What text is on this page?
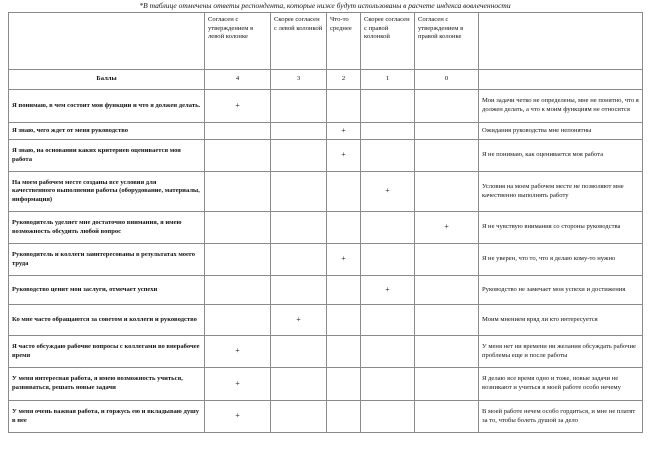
*В таблице отмечены ответы респондента, которые ниже будут использованы в расчете индекса вовлеченности
	Согласен с утверждением в левой колонке	Скорее согласен с левой колонкой	Что-то среднее	Скорее согласен с правой колонкой	Согласен с утверждением в правой колонке	
Баллы	4	3	2	1	0	
Я понимаю, в чем состоит мои функции и что я должен делать.	+					Мои задачи четко не определены, мне не понятно, что я должен делать, а что к моим функциям не относится
Я знаю, чего ждет от меня руководство			+			Ожидания руководства мне непонятны
Я знаю, на основании каких критериев оценивается моя работа			+			Я не понимаю, как оценивается моя работа
На моем рабочем месте созданы все условия для качественного выполнения работы (оборудование, материалы, информация)				+		Условия на моем рабочем месте не позволяют мне качественно выполнять работу
Руководитель уделяет мне достаточно внимания, я имею возможность обсудить любой вопрос					+	Я не чувствую внимания со стороны руководства
Руководитель и коллеги заинтересованы в результатах моего труда			+			Я не уверен, что то, что я делаю кому-то нужно
Руководство ценит мои заслуги, отмечает успехи				+		Руководство не замечает мои успехи и достижения
Ко мне часто обращаются за советом и коллеги и руководство		+				Моим мнением вряд ли кто интересуется
Я часто обсуждаю рабочие вопросы с коллегами во внерабочее время	+					У меня нет ни времени ни желания обсуждать рабочие проблемы еще и после работы
У меня интересная работа, я имею возможность учиться, развиваться, решать новые задачи	+					Я делаю все время одно и тоже, новые задачи не возникают и учиться в моей работе особо нечему
У меня очень важная работа, и горжусь ею и вкладываю душу в нее	+					В моей работе нечем особо гордиться, и мне не платят за то, чтобы болеть душой за дело
